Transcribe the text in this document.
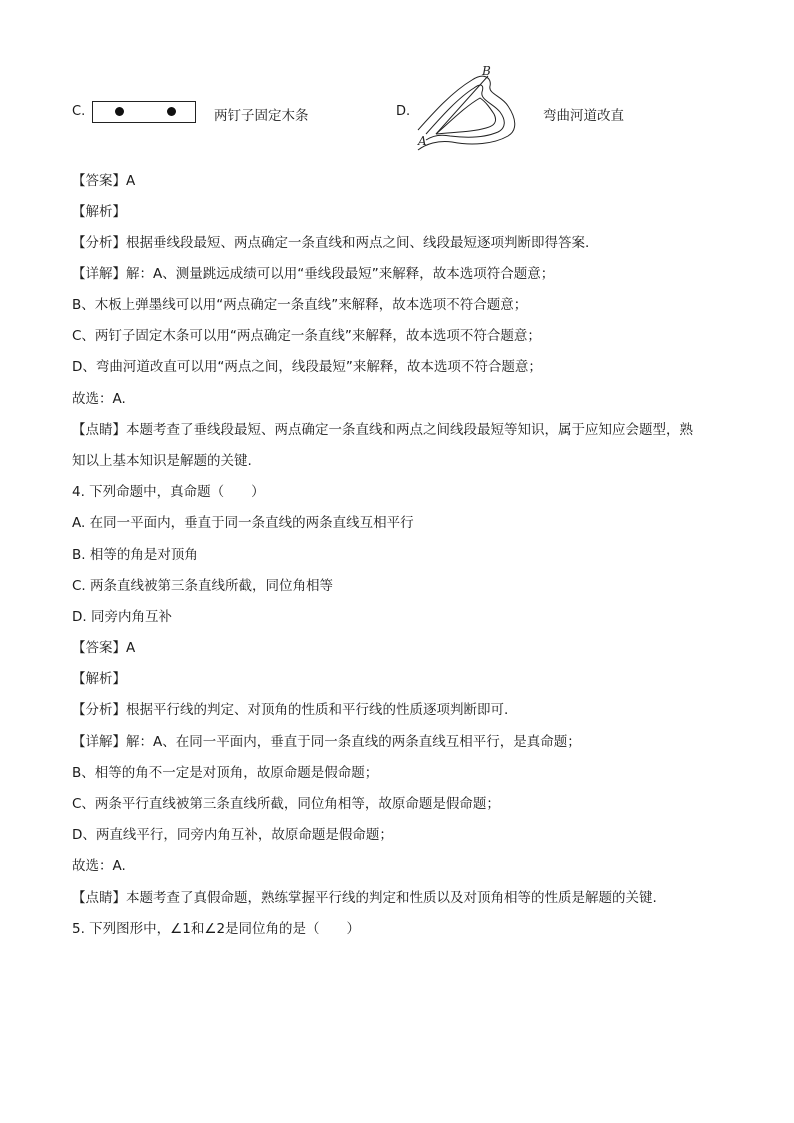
C.	两钉子固定木条	D.
B
A
弯曲河道改直
【答案】A
【解析】
【分析】根据垂线段最短、两点确定一条直线和两点之间、线段最短逐项判断即得答案.
【详解】解：A、测量跳远成绩可以用“垂线段最短”来解释，故本选项符合题意；
B、木板上弹墨线可以用“两点确定一条直线”来解释，故本选项不符合题意；
C、两钉子固定木条可以用“两点确定一条直线”来解释，故本选项不符合题意；
D、弯曲河道改直可以用“两点之间，线段最短”来解释，故本选项不符合题意；
故选：A.
【点睛】本题考查了垂线段最短、两点确定一条直线和两点之间线段最短等知识，属于应知应会题型，熟
知以上基本知识是解题的关键.
4. 下列命题中，真命题（　　）
A. 在同一平面内，垂直于同一条直线的两条直线互相平行
B. 相等的角是对顶角
C. 两条直线被第三条直线所截，同位角相等
D. 同旁内角互补
【答案】A
【解析】
【分析】根据平行线的判定、对顶角的性质和平行线的性质逐项判断即可.
【详解】解：A、在同一平面内，垂直于同一条直线的两条直线互相平行，是真命题；
B、相等的角不一定是对顶角，故原命题是假命题；
C、两条平行直线被第三条直线所截，同位角相等，故原命题是假命题；
D、两直线平行，同旁内角互补，故原命题是假命题；
故选：A.
【点睛】本题考查了真假命题，熟练掌握平行线的判定和性质以及对顶角相等的性质是解题的关键.
5. 下列图形中，∠1和∠2是同位角的是（　　）
